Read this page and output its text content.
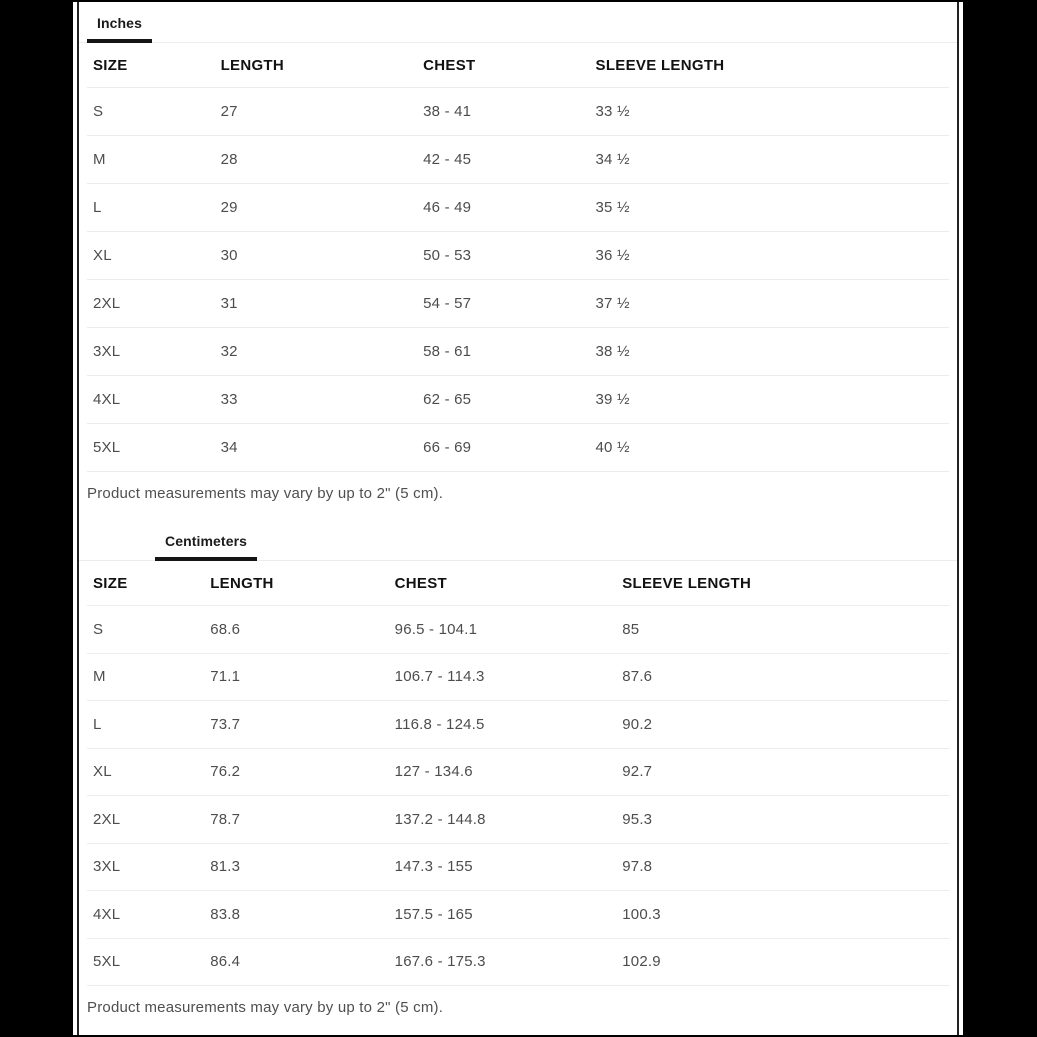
Inches
SIZE	LENGTH	CHEST	SLEEVE LENGTH
S	27	38 - 41	33 ½
M	28	42 - 45	34 ½
L	29	46 - 49	35 ½
XL	30	50 - 53	36 ½
2XL	31	54 - 57	37 ½
3XL	32	58 - 61	38 ½
4XL	33	62 - 65	39 ½
5XL	34	66 - 69	40 ½
Product measurements may vary by up to 2" (5 cm).
Centimeters
SIZE	LENGTH	CHEST	SLEEVE LENGTH
S	68.6	96.5 - 104.1	85
M	71.1	106.7 - 114.3	87.6
L	73.7	116.8 - 124.5	90.2
XL	76.2	127 - 134.6	92.7
2XL	78.7	137.2 - 144.8	95.3
3XL	81.3	147.3 - 155	97.8
4XL	83.8	157.5 - 165	100.3
5XL	86.4	167.6 - 175.3	102.9
Product measurements may vary by up to 2" (5 cm).
